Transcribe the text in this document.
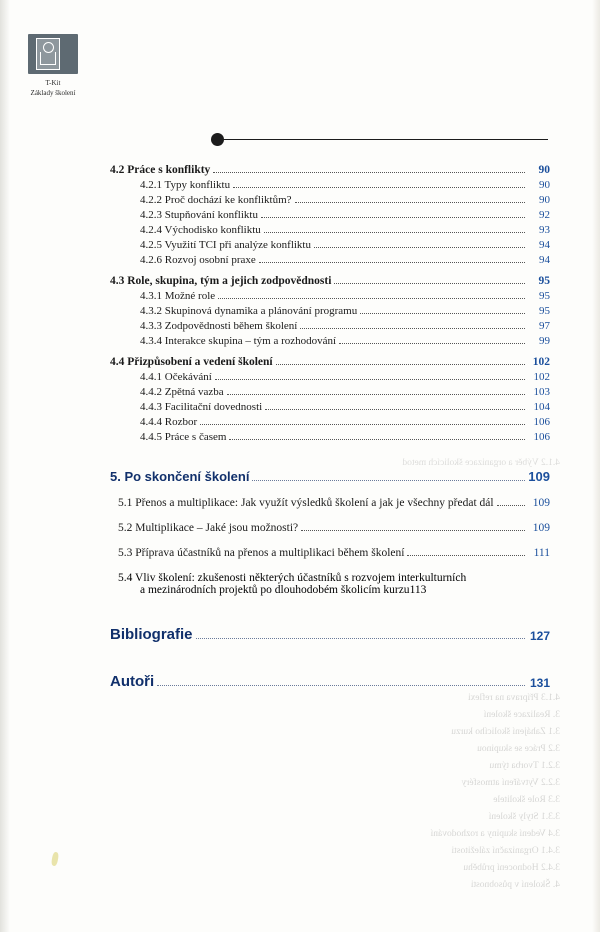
T-Kit
Základy školení
4.1.2 Výběr a organizace školicích metod
4.1.3 Příprava na reflexi
3. Realizace školení
3.1 Zahájení školicího kurzu
3.2 Práce se skupinou
3.2.1 Tvorba týmu
3.2.2 Vytváření atmosféry
3.3 Role školitele
3.3.1 Styly školení
3.4 Vedení skupiny a rozhodování
3.4.1 Organizační záležitosti
3.4.2 Hodnocení průběhu
4. Školení v působnosti
4.2 Práce s konflikty	90
4.2.1 Typy konfliktu	90
4.2.2 Proč dochází ke konfliktům?	90
4.2.3 Stupňování konfliktu	92
4.2.4 Východisko konfliktu	93
4.2.5 Využití TCI při analýze konfliktu	94
4.2.6 Rozvoj osobní praxe	94
4.3 Role, skupina, tým a jejich zodpovědnosti	95
4.3.1 Možné role	95
4.3.2 Skupinová dynamika a plánování programu	95
4.3.3 Zodpovědnosti během školení	97
4.3.4 Interakce skupina – tým a rozhodování	99
4.4 Přizpůsobení a vedení školení	102
4.4.1 Očekávání	102
4.4.2 Zpětná vazba	103
4.4.3 Facilitační dovednosti	104
4.4.4 Rozbor	106
4.4.5 Práce s časem	106
5. Po skončení školení	109
5.1 Přenos a multiplikace: Jak využít výsledků školení a jak je všechny předat dál	109
5.2 Multiplikace – Jaké jsou možnosti?	109
5.3 Příprava účastníků na přenos a multiplikaci během školení	111
5.4 Vliv školení: zkušenosti některých účastníků s rozvojem interkulturních
a mezinárodních projektů po dlouhodobém školicím kurzu 113
Bibliografie	127
Autoři	131
